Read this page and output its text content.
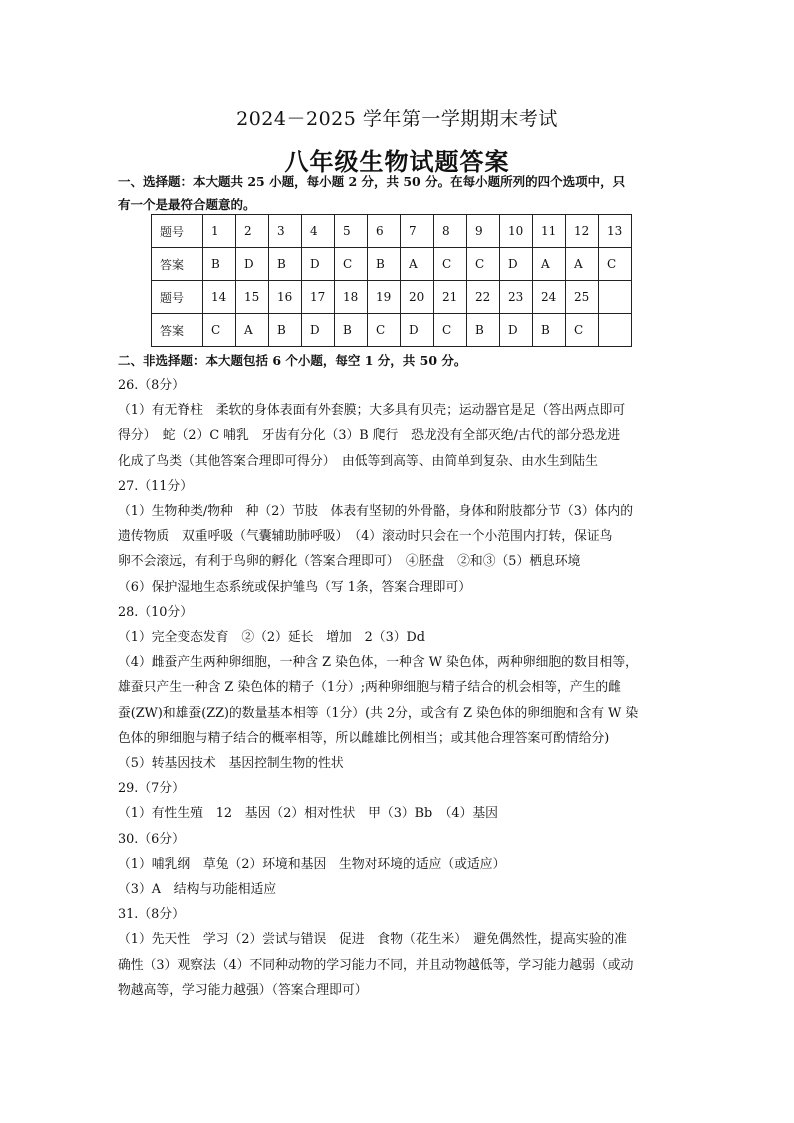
2024－2025 学年第一学期期末考试
八年级生物试题答案
一、选择题：本大题共 25 小题，每小题 2 分，共 50 分。在每小题所列的四个选项中，只
有一个是最符合题意的。
题号	1	2	3	4	5	6	7	8	9	10	11	12	13
答案	B	D	B	D	C	B	A	C	C	D	A	A	C
题号	14	15	16	17	18	19	20	21	22	23	24	25	
答案	C	A	B	D	B	C	D	C	B	D	B	C	
二、非选择题：本大题包括 6 个小题，每空 1 分，共 50 分。
26.（8分）
（1）有无脊柱　柔软的身体表面有外套膜；大多具有贝壳；运动器官是足（答出两点即可
得分）　蛇（2）C 哺乳　牙齿有分化（3）B 爬行　恐龙没有全部灭绝/古代的部分恐龙进
化成了鸟类（其他答案合理即可得分）　由低等到高等、由简单到复杂、由水生到陆生
27.（11分）
（1）生物种类/物种　种（2）节肢　体表有坚韧的外骨骼，身体和附肢都分节（3）体内的
遗传物质　双重呼吸（气囊辅助肺呼吸）　（4）滚动时只会在一个小范围内打转，保证鸟
卵不会滚远，有利于鸟卵的孵化（答案合理即可）　④胚盘　②和③（5）栖息环境
（6）保护湿地生态系统或保护雏鸟（写 1条，答案合理即可）
28.（10分）
（1）完全变态发育　②（2）延长　增加　2（3）Dd
（4）雌蚕产生两种卵细胞，一种含 Z 染色体，一种含 W 染色体，两种卵细胞的数目相等，
雄蚕只产生一种含 Z 染色体的精子（1分）;两种卵细胞与精子结合的机会相等，产生的雌
蚕(ZW)和雄蚕(ZZ)的数量基本相等（1分）(共 2分，或含有 Z 染色体的卵细胞和含有 W 染
色体的卵细胞与精子结合的概率相等，所以雌雄比例相当；或其他合理答案可酌情给分)
（5）转基因技术　基因控制生物的性状
29.（7分）
（1）有性生殖　12　基因（2）相对性状　甲（3）Bb　（4）基因
30.（6分）
（1）哺乳纲　草兔（2）环境和基因　生物对环境的适应（或适应）
（3）A　结构与功能相适应
31.（8分）
（1）先天性　学习（2）尝试与错误　促进　食物（花生米）　避免偶然性，提高实验的准
确性（3）观察法（4）不同种动物的学习能力不同，并且动物越低等，学习能力越弱（或动
物越高等，学习能力越强）（答案合理即可）
